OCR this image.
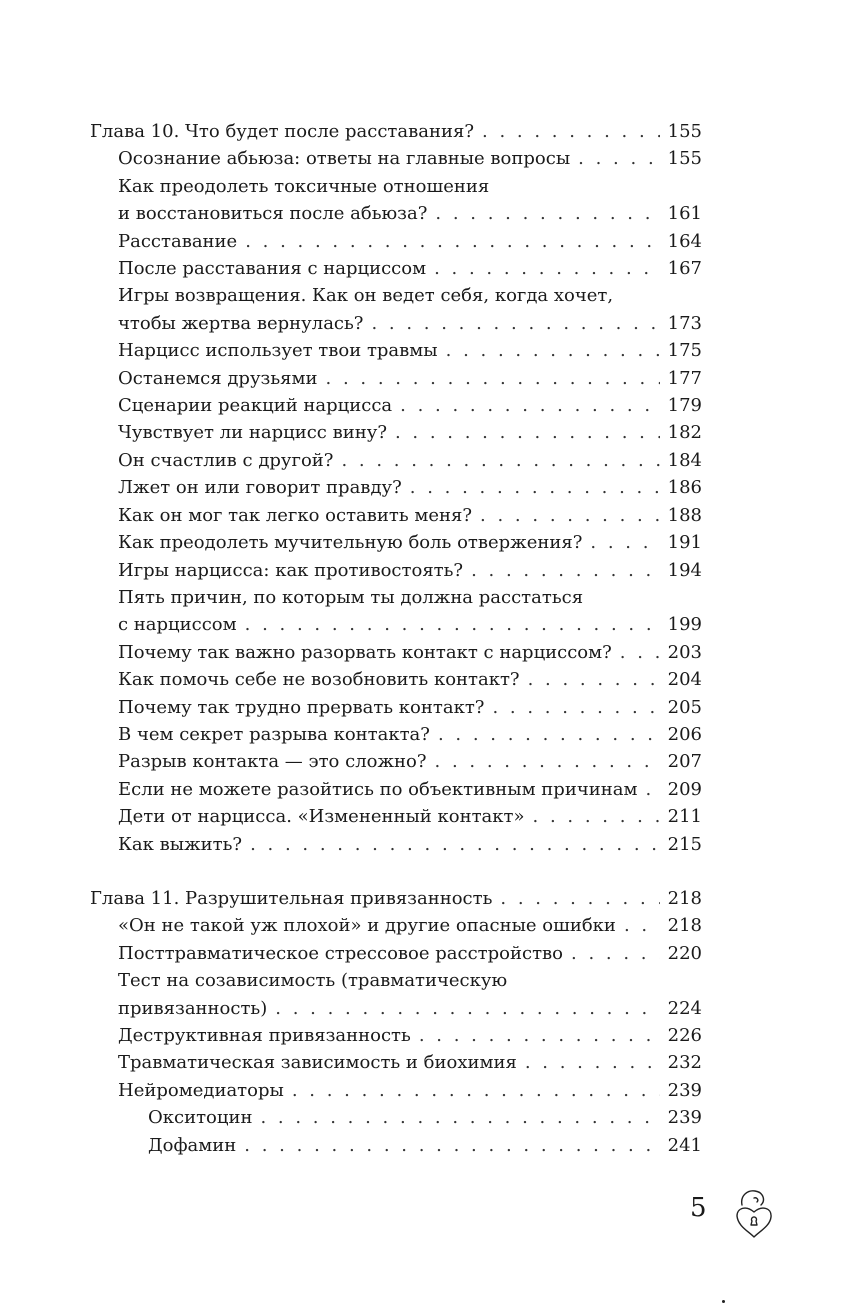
Глава 10. Что будет после расставания? . . .	155
Осознание абьюза: ответы на главные вопросы . . .	155
Как преодолеть токсичные отношения
и восстановиться после абьюза? . . .	161
Расставание . . .	164
После расставания с нарциссом . . .	167
Игры возвращения. Как он ведет себя, когда хочет,
чтобы жертва вернулась? . . .	173
Нарцисс использует твои травмы . . .	175
Останемся друзьями . . .	177
Сценарии реакций нарцисса . . .	179
Чувствует ли нарцисс вину? . . .	182
Он счастлив с другой? . . .	184
Лжет он или говорит правду? . . .	186
Как он мог так легко оставить меня? . . .	188
Как преодолеть мучительную боль отвержения? . . .	191
Игры нарцисса: как противостоять? . . .	194
Пять причин, по которым ты должна расстаться
с нарциссом . . .	199
Почему так важно разорвать контакт с нарциссом? . . .	203
Как помочь себе не возобновить контакт? . . .	204
Почему так трудно прервать контакт? . . .	205
В чем секрет разрыва контакта? . . .	206
Разрыв контакта — это сложно? . . .	207
Если не можете разойтись по объективным причинам . . . 209
Дети от нарцисса. «Измененный контакт» . . .	211
Как выжить? . . .	215
Глава 11. Разрушительная привязанность . . .	218
«Он не такой уж плохой» и другие опасные ошибки . . .	218
Посттравматическое стрессовое расстройство . . .	220
Тест на созависимость (травматическую
привязанность) . . .	224
Деструктивная привязанность . . .	226
Травматическая зависимость и биохимия . . .	232
Нейромедиаторы . . .	239
Окситоцин . . .	239
Дофамин . . .	241
5
